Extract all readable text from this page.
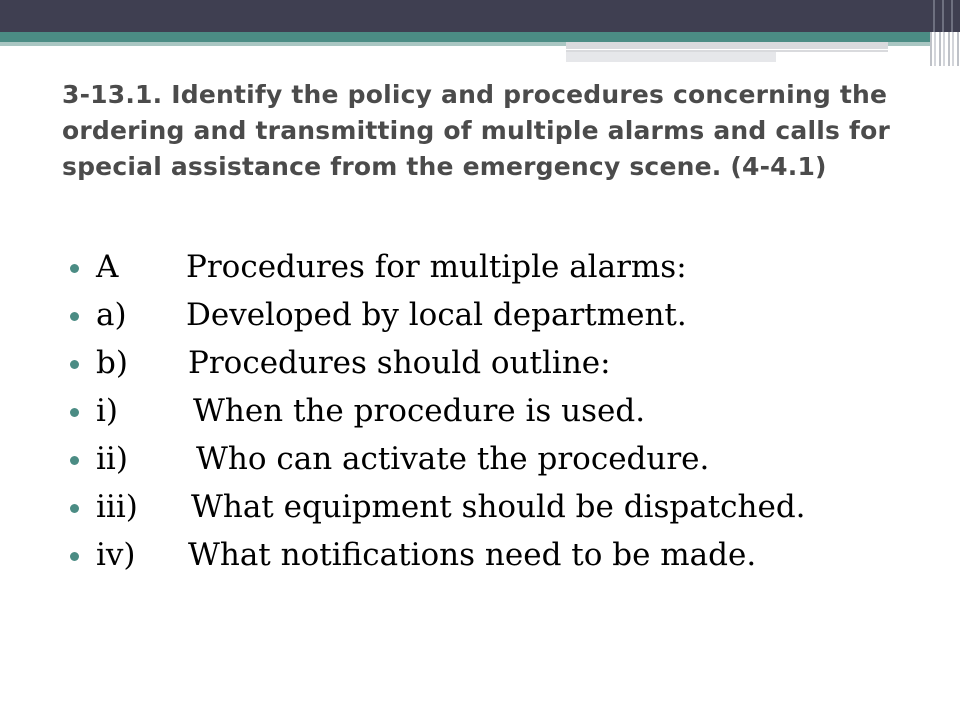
3-13.1. Identify the policy and procedures concerning the ordering and transmitting of multiple alarms and calls for special assistance from the emergency scene. (4-4.1)
A Procedures for multiple alarms:
a) Developed by local department.
b) Procedures should outline:
i) When the procedure is used.
ii) Who can activate the procedure.
iii) What equipment should be dispatched.
iv) What notifications need to be made.
